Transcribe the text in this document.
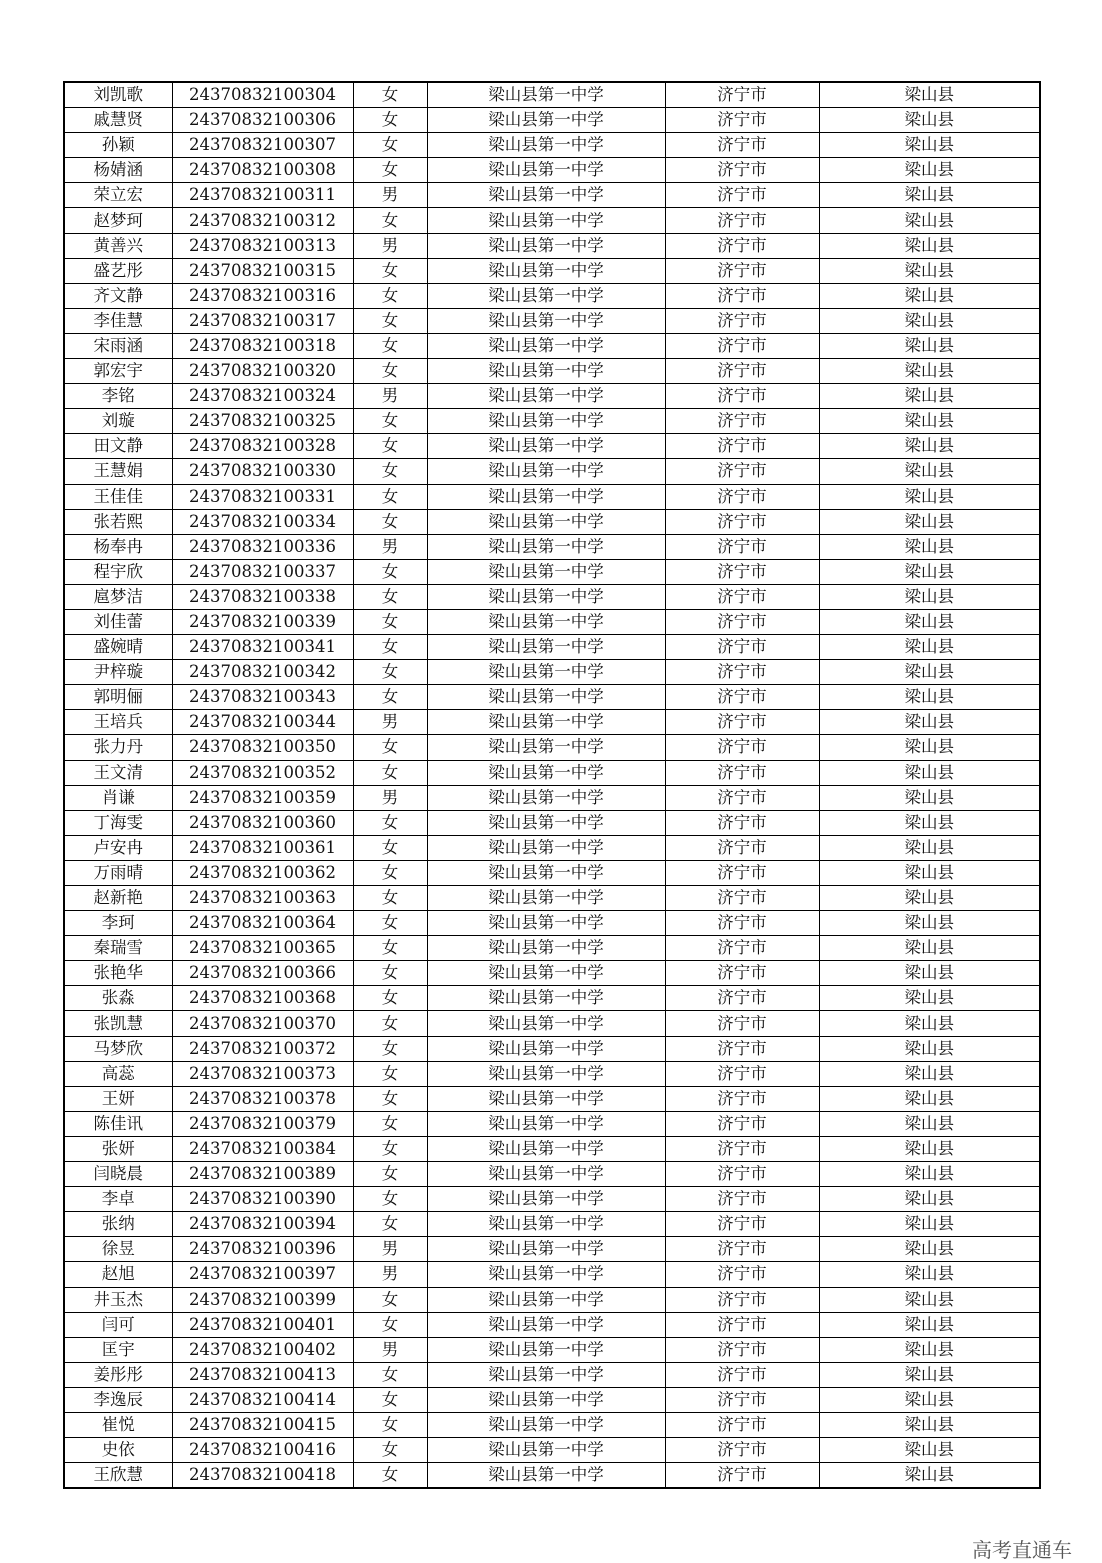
刘凯歌	24370832100304	女	梁山县第一中学	济宁市	梁山县
戚慧贤	24370832100306	女	梁山县第一中学	济宁市	梁山县
孙颖	24370832100307	女	梁山县第一中学	济宁市	梁山县
杨婧涵	24370832100308	女	梁山县第一中学	济宁市	梁山县
荣立宏	24370832100311	男	梁山县第一中学	济宁市	梁山县
赵梦珂	24370832100312	女	梁山县第一中学	济宁市	梁山县
黄善兴	24370832100313	男	梁山县第一中学	济宁市	梁山县
盛艺彤	24370832100315	女	梁山县第一中学	济宁市	梁山县
齐文静	24370832100316	女	梁山县第一中学	济宁市	梁山县
李佳慧	24370832100317	女	梁山县第一中学	济宁市	梁山县
宋雨涵	24370832100318	女	梁山县第一中学	济宁市	梁山县
郭宏宇	24370832100320	女	梁山县第一中学	济宁市	梁山县
李铭	24370832100324	男	梁山县第一中学	济宁市	梁山县
刘璇	24370832100325	女	梁山县第一中学	济宁市	梁山县
田文静	24370832100328	女	梁山县第一中学	济宁市	梁山县
王慧娟	24370832100330	女	梁山县第一中学	济宁市	梁山县
王佳佳	24370832100331	女	梁山县第一中学	济宁市	梁山县
张若熙	24370832100334	女	梁山县第一中学	济宁市	梁山县
杨奉冉	24370832100336	男	梁山县第一中学	济宁市	梁山县
程宇欣	24370832100337	女	梁山县第一中学	济宁市	梁山县
扈梦洁	24370832100338	女	梁山县第一中学	济宁市	梁山县
刘佳蕾	24370832100339	女	梁山县第一中学	济宁市	梁山县
盛婉晴	24370832100341	女	梁山县第一中学	济宁市	梁山县
尹梓璇	24370832100342	女	梁山县第一中学	济宁市	梁山县
郭明俪	24370832100343	女	梁山县第一中学	济宁市	梁山县
王培兵	24370832100344	男	梁山县第一中学	济宁市	梁山县
张力丹	24370832100350	女	梁山县第一中学	济宁市	梁山县
王文清	24370832100352	女	梁山县第一中学	济宁市	梁山县
肖谦	24370832100359	男	梁山县第一中学	济宁市	梁山县
丁海雯	24370832100360	女	梁山县第一中学	济宁市	梁山县
卢安冉	24370832100361	女	梁山县第一中学	济宁市	梁山县
万雨晴	24370832100362	女	梁山县第一中学	济宁市	梁山县
赵新艳	24370832100363	女	梁山县第一中学	济宁市	梁山县
李珂	24370832100364	女	梁山县第一中学	济宁市	梁山县
秦瑞雪	24370832100365	女	梁山县第一中学	济宁市	梁山县
张艳华	24370832100366	女	梁山县第一中学	济宁市	梁山县
张淼	24370832100368	女	梁山县第一中学	济宁市	梁山县
张凯慧	24370832100370	女	梁山县第一中学	济宁市	梁山县
马梦欣	24370832100372	女	梁山县第一中学	济宁市	梁山县
高蕊	24370832100373	女	梁山县第一中学	济宁市	梁山县
王妍	24370832100378	女	梁山县第一中学	济宁市	梁山县
陈佳讯	24370832100379	女	梁山县第一中学	济宁市	梁山县
张妍	24370832100384	女	梁山县第一中学	济宁市	梁山县
闫晓晨	24370832100389	女	梁山县第一中学	济宁市	梁山县
李卓	24370832100390	女	梁山县第一中学	济宁市	梁山县
张纳	24370832100394	女	梁山县第一中学	济宁市	梁山县
徐昱	24370832100396	男	梁山县第一中学	济宁市	梁山县
赵旭	24370832100397	男	梁山县第一中学	济宁市	梁山县
井玉杰	24370832100399	女	梁山县第一中学	济宁市	梁山县
闫可	24370832100401	女	梁山县第一中学	济宁市	梁山县
匡宇	24370832100402	男	梁山县第一中学	济宁市	梁山县
姜彤彤	24370832100413	女	梁山县第一中学	济宁市	梁山县
李逸辰	24370832100414	女	梁山县第一中学	济宁市	梁山县
崔悦	24370832100415	女	梁山县第一中学	济宁市	梁山县
史依	24370832100416	女	梁山县第一中学	济宁市	梁山县
王欣慧	24370832100418	女	梁山县第一中学	济宁市	梁山县
高考直通车
